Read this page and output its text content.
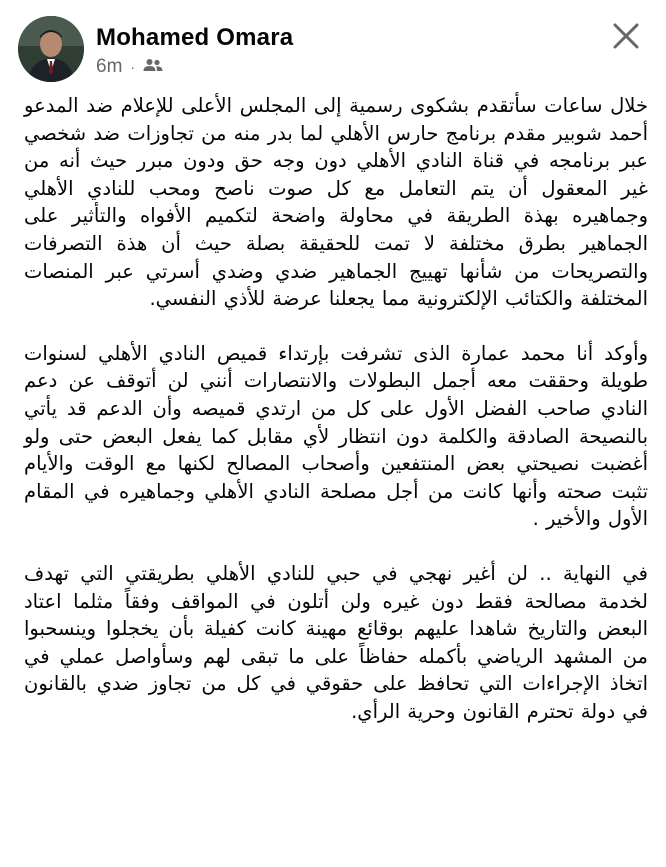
Mohamed Omara
6m ·

خلال ساعات سأتقدم بشكوى رسمية إلى المجلس الأعلى للإعلام ضد المدعو أحمد شوبير مقدم برنامج حارس الأهلي لما بدر منه من تجاوزات ضد شخصي عبر برنامجه في قناة النادي الأهلي دون وجه حق ودون مبرر حيث أنه من غير المعقول أن يتم التعامل مع كل صوت ناصح ومحب للنادي الأهلي وجماهيره بهذة الطريقة في محاولة واضحة لتكميم الأفواه والتأثير على الجماهير بطرق مختلفة لا تمت للحقيقة بصلة حيث أن هذة التصرفات والتصريحات من شأنها تهييج الجماهير ضدي وضدي أسرتي عبر المنصات المختلفة والكتائب الإلكترونية مما يجعلنا عرضة للأذي النفسي.

وأوكد أنا محمد عمارة الذى تشرفت بإرتداء قميص النادي الأهلي لسنوات طويلة وحققت معه أجمل البطولات والانتصارات أنني لن أتوقف عن دعم النادي صاحب الفضل الأول على كل من ارتدي قميصه وأن الدعم قد يأتي بالنصيحة الصادقة والكلمة دون انتظار لأي مقابل كما يفعل البعض حتى ولو أغضبت نصيحتي بعض المنتفعين وأصحاب المصالح لكنها مع الوقت والأيام تثبت صحته وأنها كانت من أجل مصلحة النادي الأهلي وجماهيره في المقام الأول والأخير .

في النهاية .. لن أغير نهجي في حبي للنادي الأهلي بطريقتي التي تهدف لخدمة مصالحة فقط دون غيره ولن أتلون في المواقف وفقاً مثلما اعتاد البعض والتاريخ شاهدا عليهم بوقائع مهينة كانت كفيلة بأن يخجلوا وينسحبوا من المشهد الرياضي بأكمله حفاظاً على ما تبقى لهم وسأواصل عملي في اتخاذ الإجراءات التي تحافظ على حقوقي في كل من تجاوز ضدي بالقانون في دولة تحترم القانون وحرية الرأي.
